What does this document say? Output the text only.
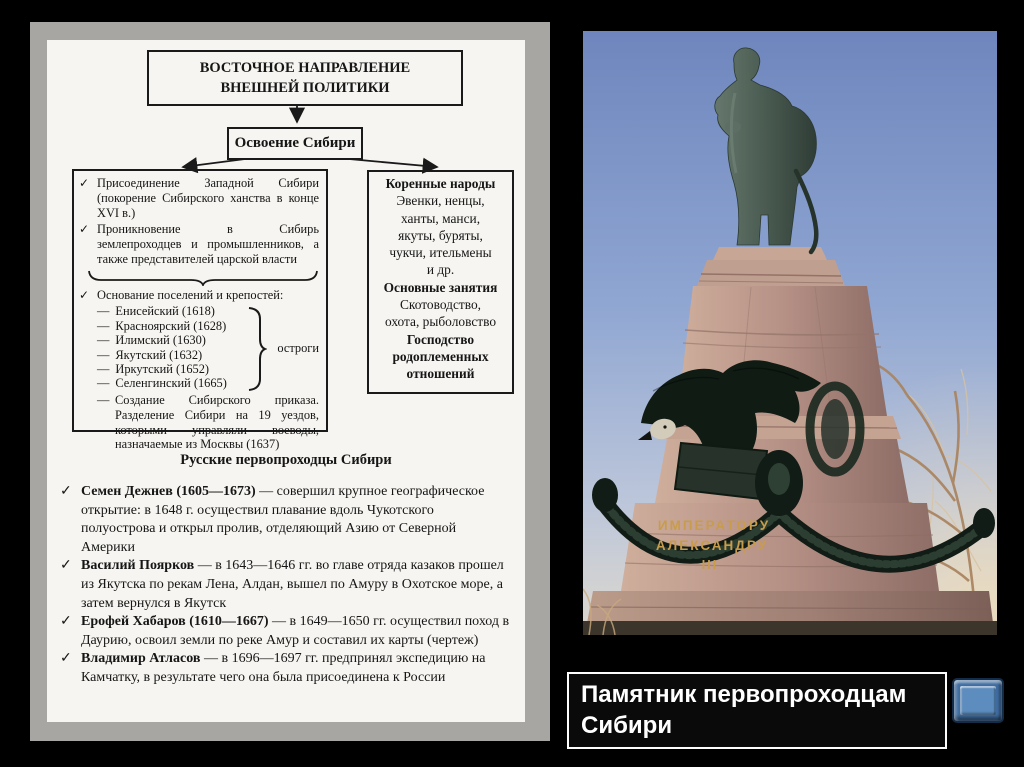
ВОСТОЧНОЕ НАПРАВЛЕНИЕ ВНЕШНЕЙ ПОЛИТИКИ
Освоение Сибири
✓ Присоединение Западной Сибири (покорение Сибирского ханства в конце XVI в.)

✓ Проникновение в Сибирь землепроходцев и промышленников, а также представителей царской власти

✓ Основание поселений и крепостей:

— Енисейский (1618)
— Красноярский (1628)
— Илимский (1630)
— Якутский (1632)
— Иркутский (1652)
— Селенгинский (1665)
остроги
— Создание Сибирского приказа. Разделение Сибири на 19 уездов, которыми управляли воеводы, назначаемые из Москвы (1637)

Коренные народы
Эвенки, ненцы,
ханты, манси,
якуты, буряты,
чукчи, ительмены
и др.
Основные занятия
Скотоводство,
охота, рыболовство
Господство
родоплеменных
отношений
Русские первопроходцы Сибири
✓ Семен Дежнев (1605—1673) — совершил крупное географическое открытие: в 1648 г. осуществил плавание вдоль Чукотского полуострова и открыл пролив, отделяющий Азию от Северной Америки

✓ Василий Поярков — в 1643—1646 гг. во главе отряда казаков прошел из Якутска по рекам Лена, Алдан, вышел по Амуру в Охотское море, а затем вернулся в Якутск

✓ Ерофей Хабаров (1610—1667) — в 1649—1650 гг. осуществил поход в Даурию, освоил земли по реке Амур и составил их карты (чертеж)

✓ Владимир Атласов — в 1696—1697 гг. предпринял экспедицию на Камчатку, в результате чего она была присоединена к России

ИМПЕРАТОРУ
АЛЕКСАНДРУ
III
Памятник первопроходцам Сибири
